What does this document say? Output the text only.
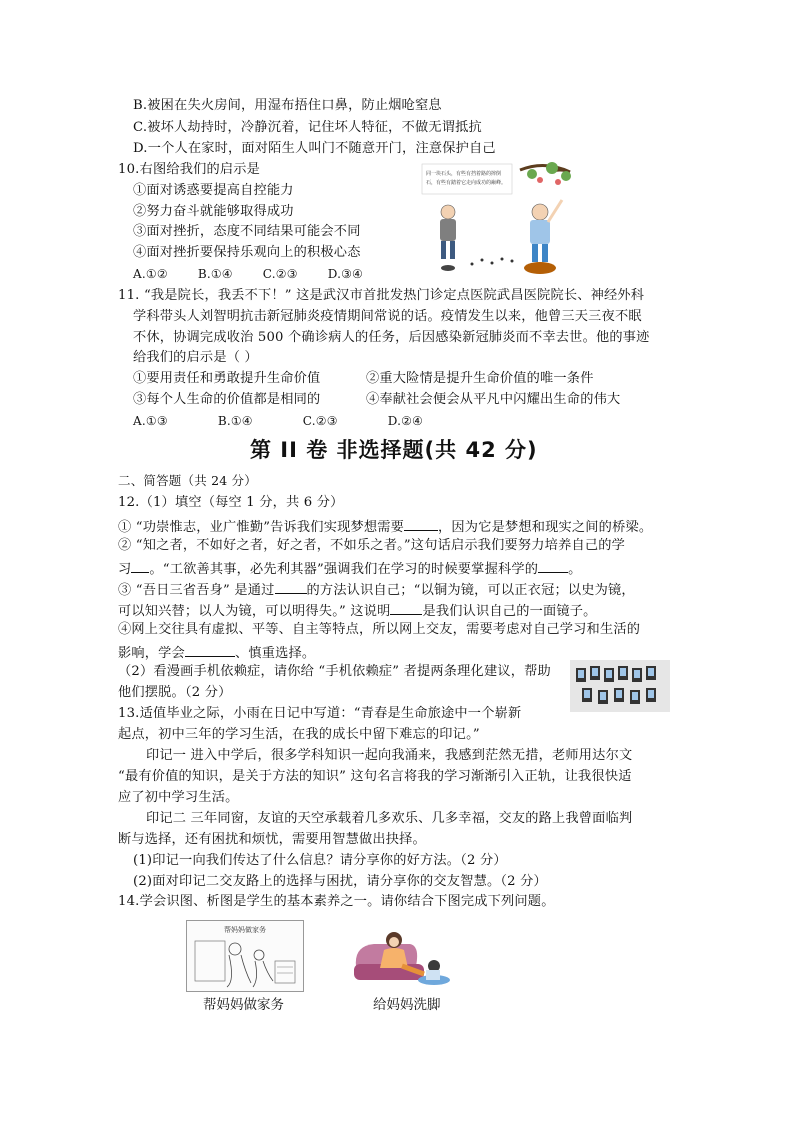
B.被困在失火房间，用湿布捂住口鼻，防止烟呛窒息
C.被坏人劫持时，冷静沉着，记住坏人特征，不做无谓抵抗
D.一个人在家时，面对陌生人叫门不随意开门，注意保护自己
10.右图给我们的启示是
①面对诱惑要提高自控能力
②努力奋斗就能够取得成功
③面对挫折，态度不同结果可能会不同
④面对挫折要保持乐观向上的积极心态
A.①②	B.①④	C.②③	D.③④
同一块石头，有些有挡着路的摔倒
石，有些有踏着它走向成功的巅峰。
11. “我是院长，我丢不下！” 这是武汉市首批发热门诊定点医院武昌医院院长、神经外科
学科带头人刘智明抗击新冠肺炎疫情期间常说的话。疫情发生以来，他曾三天三夜不眠
不休，协调完成收治 500 个确诊病人的任务，后因感染新冠肺炎而不幸去世。他的事迹
给我们的启示是（ ）
①要用责任和勇敢提升生命价值	②重大险情是提升生命价值的唯一条件
③每个人生命的价值都是相同的	④奉献社会便会从平凡中闪耀出生命的伟大
A.①③	B.①④	C.②③	D.②④
第 II 卷 非选择题(共 42 分)
二、简答题（共 24 分）
12.（1）填空（每空 1 分，共 6 分）
① “功崇惟志，业广惟勤”告诉我们实现梦想需要	，因为它是梦想和现实之间的桥梁。
② “知之者，不如好之者，好之者，不如乐之者。”这句话启示我们要努力培养自己的学
习 。“工欲善其事，必先利其器”强调我们在学习的时候要掌握科学的 。
③ “吾日三省吾身” 是通过 的方法认识自己；“以铜为镜，可以正衣冠；以史为镜，
可以知兴替；以人为镜，可以明得失。” 这说明 是我们认识自己的一面镜子。
④网上交往具有虚拟、平等、自主等特点，所以网上交友，需要考虑对自己学习和生活的
影响，学会	、慎重选择。
（2）看漫画手机依赖症，请你给 “手机依赖症” 者提两条理化建议，帮助
他们摆脱。（2 分）
13.适值毕业之际，小雨在日记中写道：“青春是生命旅途中一个崭新
起点，初中三年的学习生活，在我的成长中留下难忘的印记。”
印记一 进入中学后，很多学科知识一起向我涌来，我感到茫然无措，老师用达尔文
“最有价值的知识，是关于方法的知识” 这句名言将我的学习渐渐引入正轨，让我很快适
应了初中学习生活。
印记二 三年同窗，友谊的天空承载着几多欢乐、几多幸福，交友的路上我曾面临判
断与选择，还有困扰和烦忧，需要用智慧做出抉择。
(1)印记一向我们传达了什么信息？请分享你的好方法。（2 分）
(2)面对印记二交友路上的选择与困扰，请分享你的交友智慧。（2 分）
14.学会识图、析图是学生的基本素养之一。请你结合下图完成下列问题。
帮妈妈做家务
帮妈妈做家务	给妈妈洗脚
